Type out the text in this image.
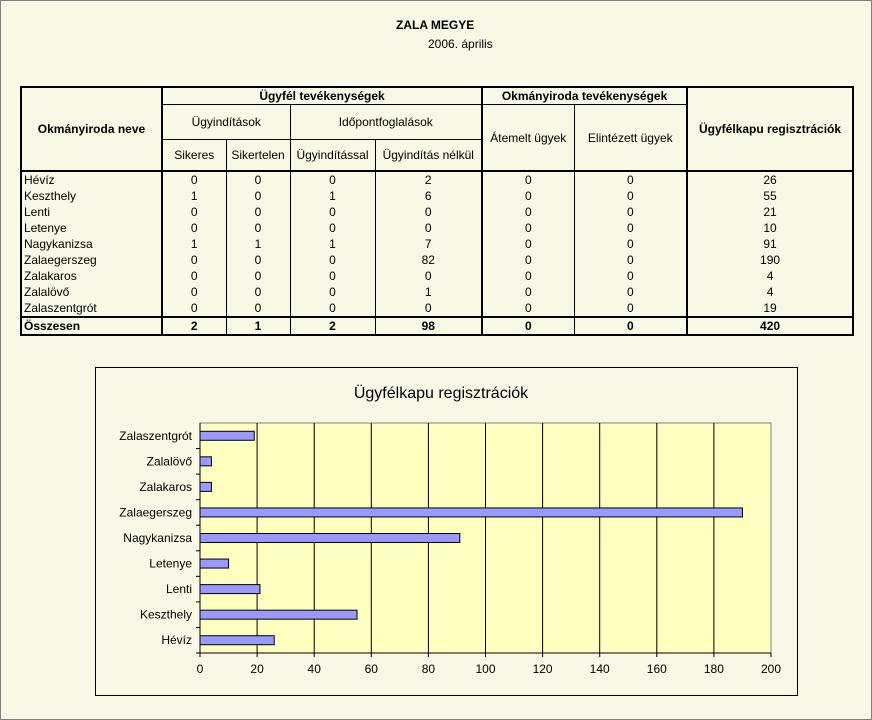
ZALA MEGYE
2006. április
Okmányiroda neve	Ügyfél tevékenységek				Okmányiroda tevékenységek		Ügyfélkapu regisztrációk
	Ügyindítások		Időpontfoglalások		Átemelt ügyek	Elintézett ügyek	
	Sikeres	Sikertelen	Ügyindítással	Ügyindítás nélkül			
Hévíz	0	0	0	2	0	0	26
Keszthely	1	0	1	6	0	0	55
Lenti	0	0	0	0	0	0	21
Letenye	0	0	0	0	0	0	10
Nagykanizsa	1	1	1	7	0	0	91
Zalaegerszeg	0	0	0	82	0	0	190
Zalakaros	0	0	0	0	0	0	4
Zalalövő	0	0	0	1	0	0	4
Zalaszentgrót	0	0	0	0	0	0	19
Összesen	2	1	2	98	0	0	420
Ügyfélkapu regisztrációk
0	20	40	60	80	100	120	140	160	180	200
Hévíz
Keszthely
Lenti
Letenye
Nagykanizsa
Zalaegerszeg
Zalakaros
Zalalövő
Zalaszentgrót
